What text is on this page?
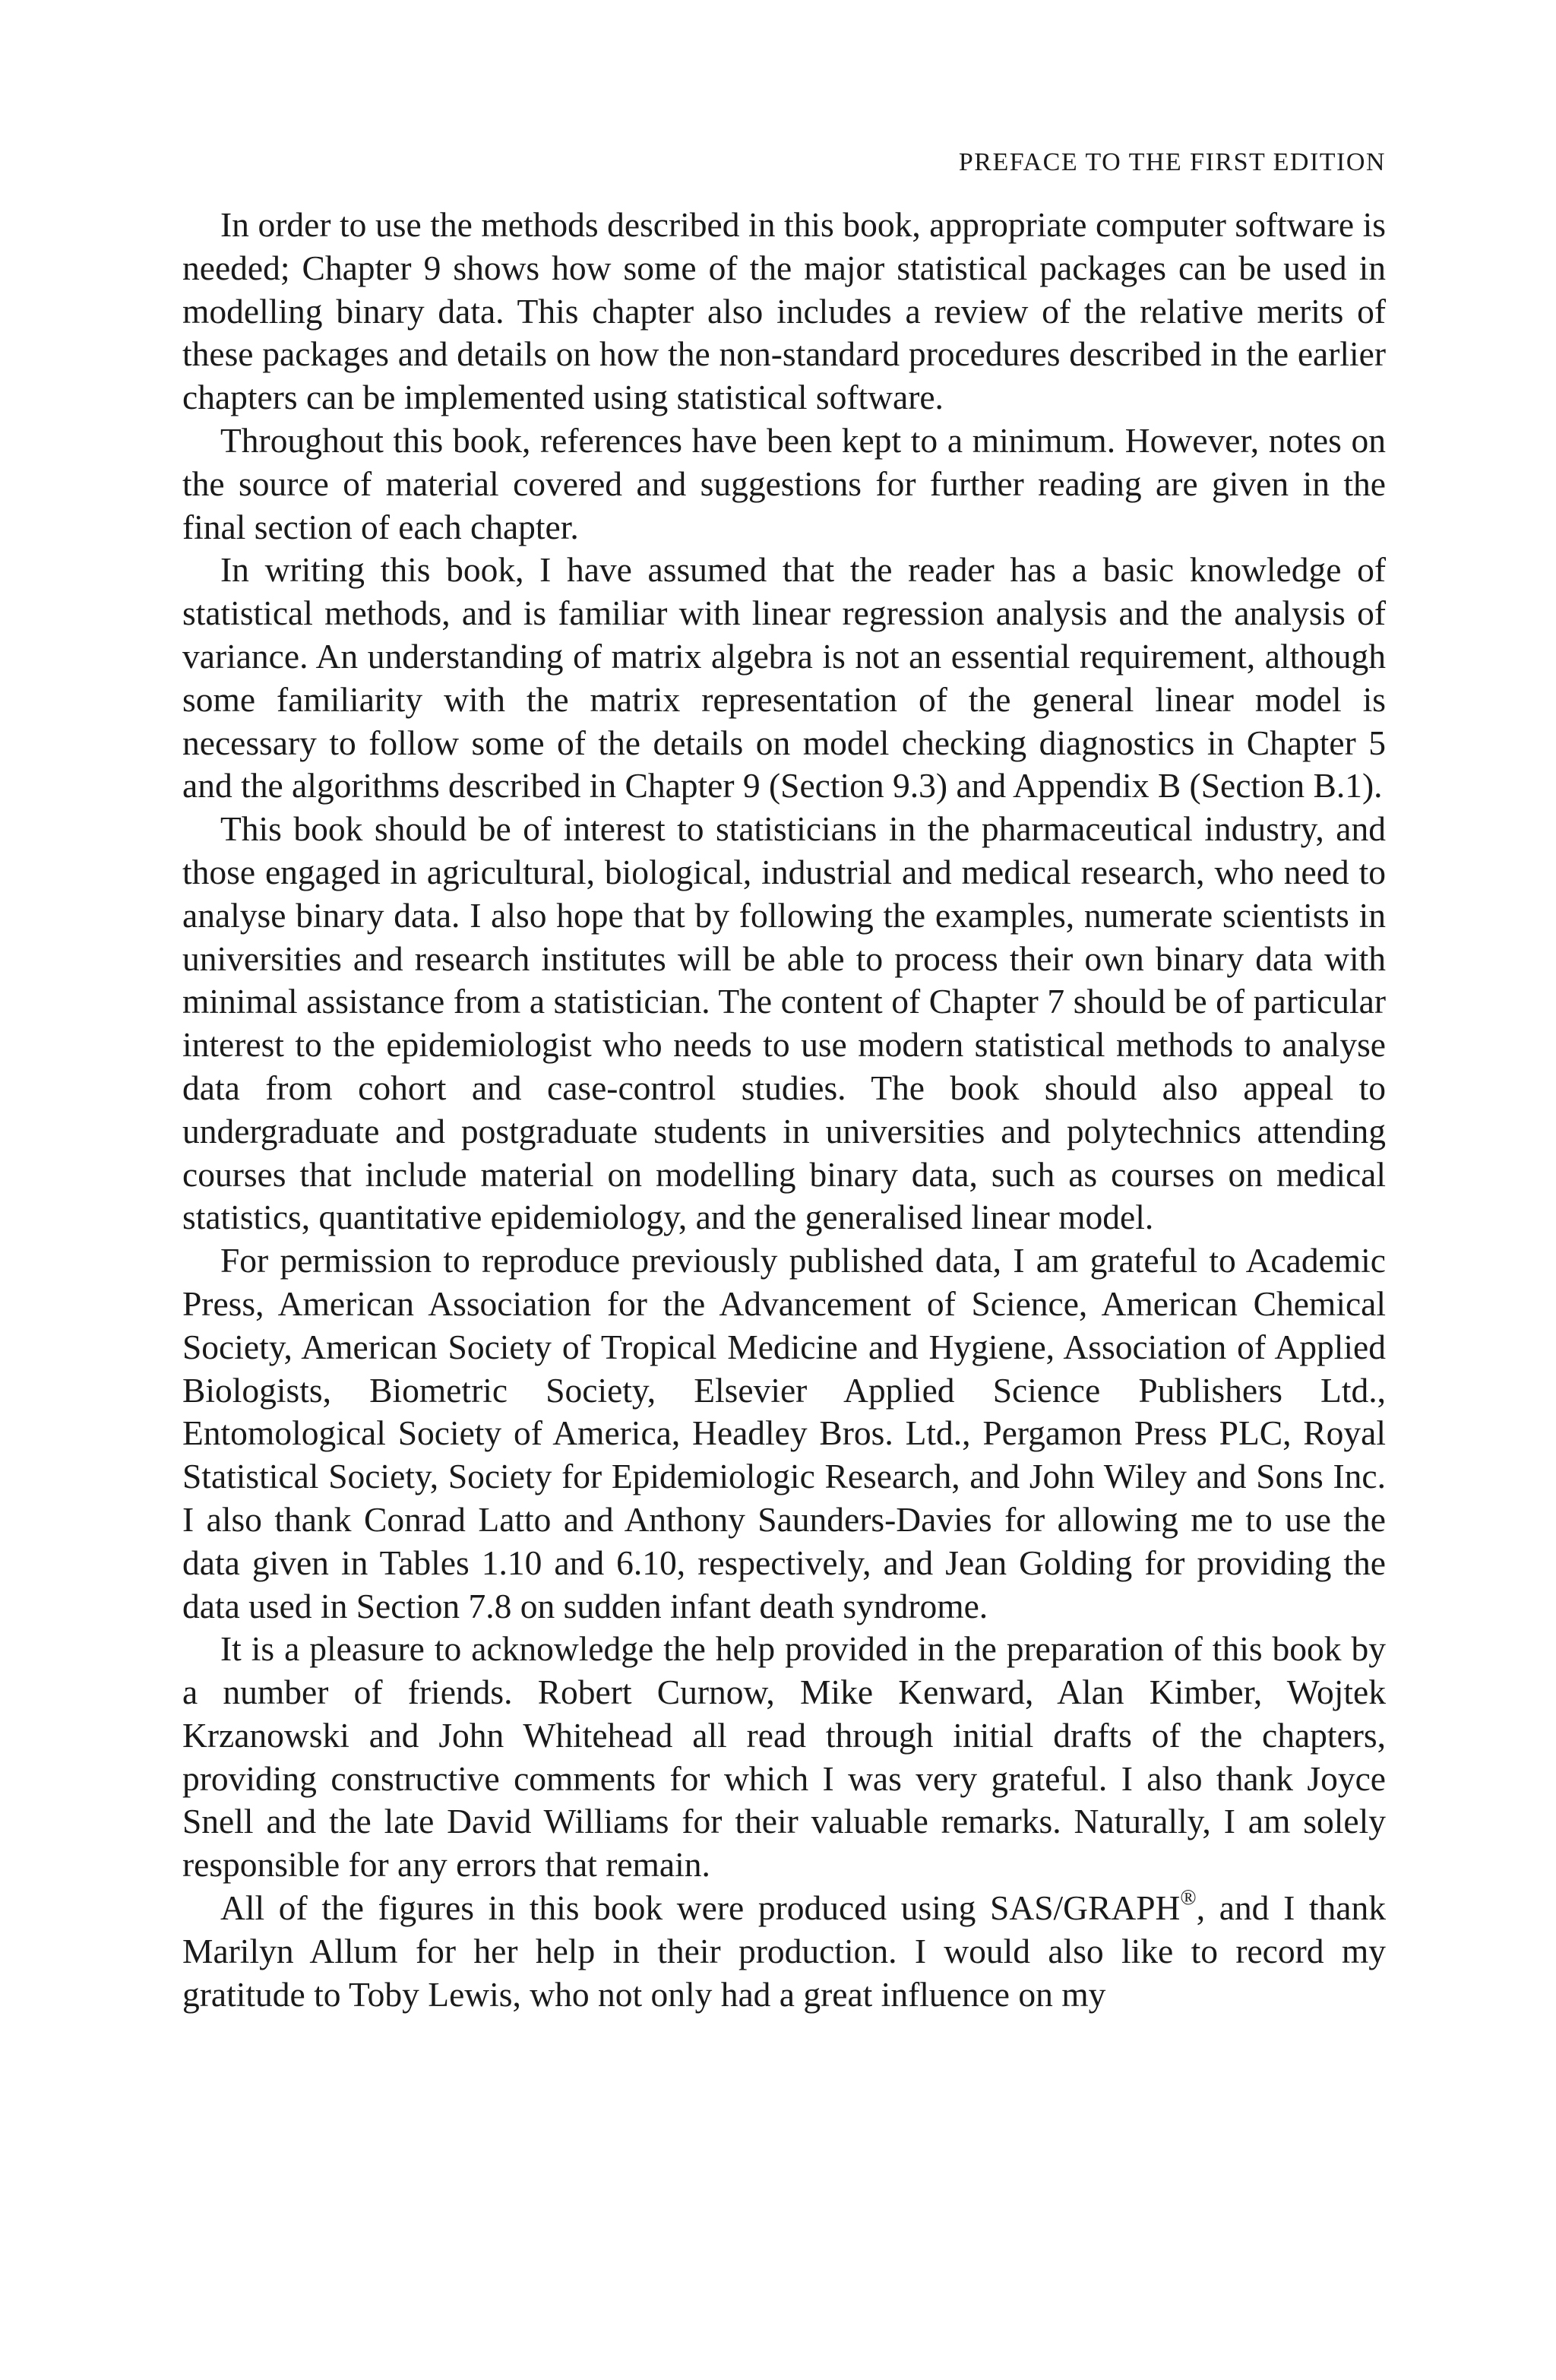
PREFACE TO THE FIRST EDITION

In order to use the methods described in this book, appropriate computer software is needed; Chapter 9 shows how some of the major statistical packages can be used in modelling binary data. This chapter also includes a review of the relative merits of these packages and details on how the non-standard procedures described in the earlier chapters can be implemented using statistical software.

Throughout this book, references have been kept to a minimum. However, notes on the source of material covered and suggestions for further reading are given in the final section of each chapter.

In writing this book, I have assumed that the reader has a basic knowledge of statistical methods, and is familiar with linear regression analysis and the analysis of variance. An understanding of matrix algebra is not an essential requirement, although some familiarity with the matrix representation of the general linear model is necessary to follow some of the details on model checking diagnostics in Chapter 5 and the algorithms described in Chapter 9 (Section 9.3) and Appendix B (Section B.1).

This book should be of interest to statisticians in the pharmaceutical industry, and those engaged in agricultural, biological, industrial and medical research, who need to analyse binary data. I also hope that by following the examples, numerate scientists in universities and research institutes will be able to process their own binary data with minimal assistance from a statistician. The content of Chapter 7 should be of particular interest to the epidemiologist who needs to use modern statistical methods to analyse data from cohort and case-control studies. The book should also appeal to undergraduate and postgraduate students in universities and polytechnics attending courses that include material on modelling binary data, such as courses on medical statistics, quantitative epidemiology, and the generalised linear model.

For permission to reproduce previously published data, I am grateful to Academic Press, American Association for the Advancement of Science, American Chemical Society, American Society of Tropical Medicine and Hygiene, Association of Applied Biologists, Biometric Society, Elsevier Applied Science Publishers Ltd., Entomological Society of America, Headley Bros. Ltd., Pergamon Press PLC, Royal Statistical Society, Society for Epidemiologic Research, and John Wiley and Sons Inc. I also thank Conrad Latto and Anthony Saunders-Davies for allowing me to use the data given in Tables 1.10 and 6.10, respectively, and Jean Golding for providing the data used in Section 7.8 on sudden infant death syndrome.

It is a pleasure to acknowledge the help provided in the preparation of this book by a number of friends. Robert Curnow, Mike Kenward, Alan Kimber, Wojtek Krzanowski and John Whitehead all read through initial drafts of the chapters, providing constructive comments for which I was very grateful. I also thank Joyce Snell and the late David Williams for their valuable remarks. Naturally, I am solely responsible for any errors that remain.

All of the figures in this book were produced using SAS/GRAPH®, and I thank Marilyn Allum for her help in their production. I would also like to record my gratitude to Toby Lewis, who not only had a great influence on my
